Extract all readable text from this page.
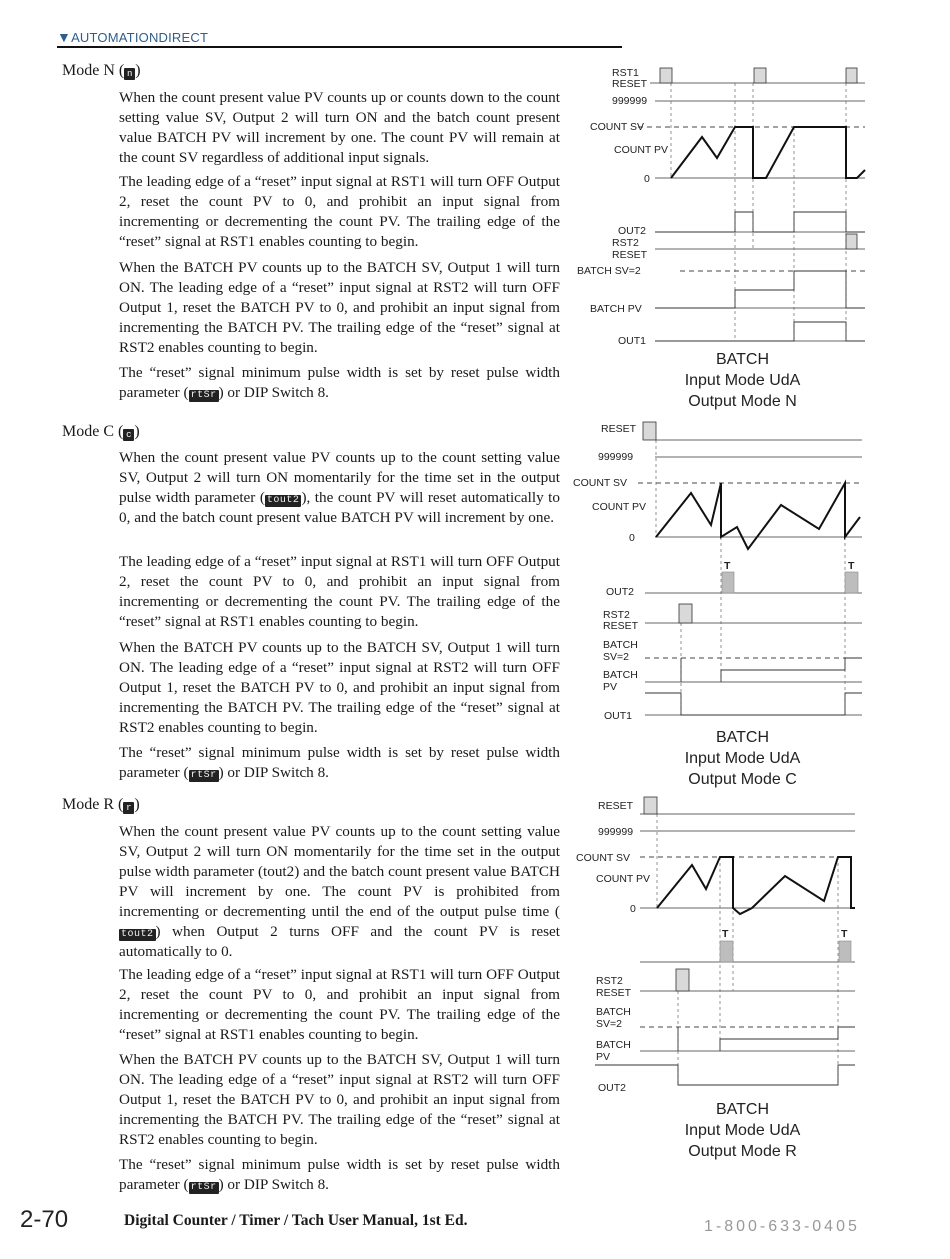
▼AUTOMATIONDIRECT
Mode N ( n )

When the count present value PV counts up or counts down to the count setting value SV, Output 2 will turn ON and the batch count present value BATCH PV will increment by one. The count PV will remain at the count SV regardless of additional input signals.

The leading edge of a “reset” input signal at RST1 will turn OFF Output 2, reset the count PV to 0, and prohibit an input signal from incrementing or decrementing the count PV. The trailing edge of the “reset” signal at RST1 enables counting to begin.

When the BATCH PV counts up to the BATCH SV, Output 1 will turn ON. The leading edge of a “reset” input signal at RST2 will turn OFF Output 1, reset the BATCH PV to 0, and prohibit an input signal from incrementing the BATCH PV. The trailing edge of the “reset” signal at RST2 enables counting to begin.

The “reset” signal minimum pulse width is set by reset pulse width parameter ( rtSr ) or DIP Switch 8.

Mode C ( c )

When the count present value PV counts up to the count setting value SV, Output 2 will turn ON momentarily for the time set in the output pulse width parameter ( tout2 ), the count PV will reset automatically to 0, and the batch count present value BATCH PV will increment by one.

The leading edge of a “reset” input signal at RST1 will turn OFF Output 2, reset the count PV to 0, and prohibit an input signal from incrementing or decrementing the count PV. The trailing edge of the “reset” signal at RST1 enables counting to begin.

When the BATCH PV counts up to the BATCH SV, Output 1 will turn ON. The leading edge of a “reset” input signal at RST2 will turn OFF Output 1, reset the BATCH PV to 0, and prohibit an input signal from incrementing the BATCH PV. The trailing edge of the “reset” signal at RST2 enables counting to begin.

The “reset” signal minimum pulse width is set by reset pulse width parameter ( rtSr ) or DIP Switch 8.

Mode R ( r )

When the count present value PV counts up to the count setting value SV, Output 2 will turn ON momentarily for the time set in the output pulse width parameter (tout2) and the batch count present value BATCH PV will increment by one. The count PV is prohibited from incrementing or decrementing until the end of the output pulse time (tout2 ) when Output 2 turns OFF and the count PV is reset automatically to 0.

The leading edge of a “reset” input signal at RST1 will turn OFF Output 2, reset the count PV to 0, and prohibit an input signal from incrementing or decrementing the count PV. The trailing edge of the “reset” signal at RST1 enables counting to begin.

When the BATCH PV counts up to the BATCH SV, Output 1 will turn ON. The leading edge of a “reset” input signal at RST2 will turn OFF Output 1, reset the BATCH PV to 0, and prohibit an input signal from incrementing the BATCH PV. The trailing edge of the “reset” signal at RST2 enables counting to begin.

The “reset” signal minimum pulse width is set by reset pulse width parameter ( rtSr ) or DIP Switch 8.

RST1
RESET
999999
COUNT SV
COUNT PV
0
OUT2
RST2
RESET
BATCH SV=2
BATCH PV
OUT1
BATCH
Input Mode UdA
Output Mode N
RESET
999999
COUNT SV
COUNT PV
0
T	T
OUT2
RST2
RESET
BATCH
SV=2
BATCH
PV
OUT1
BATCH
Input Mode UdA
Output Mode C
RESET
999999
COUNT SV
COUNT PV
0
T	T
RST2
RESET
BATCH
SV=2
BATCH
PV
OUT2
BATCH
Input Mode UdA
Output Mode R
2-70	Digital Counter / Timer / Tach User Manual, 1st Ed.	1-800-633-0405
